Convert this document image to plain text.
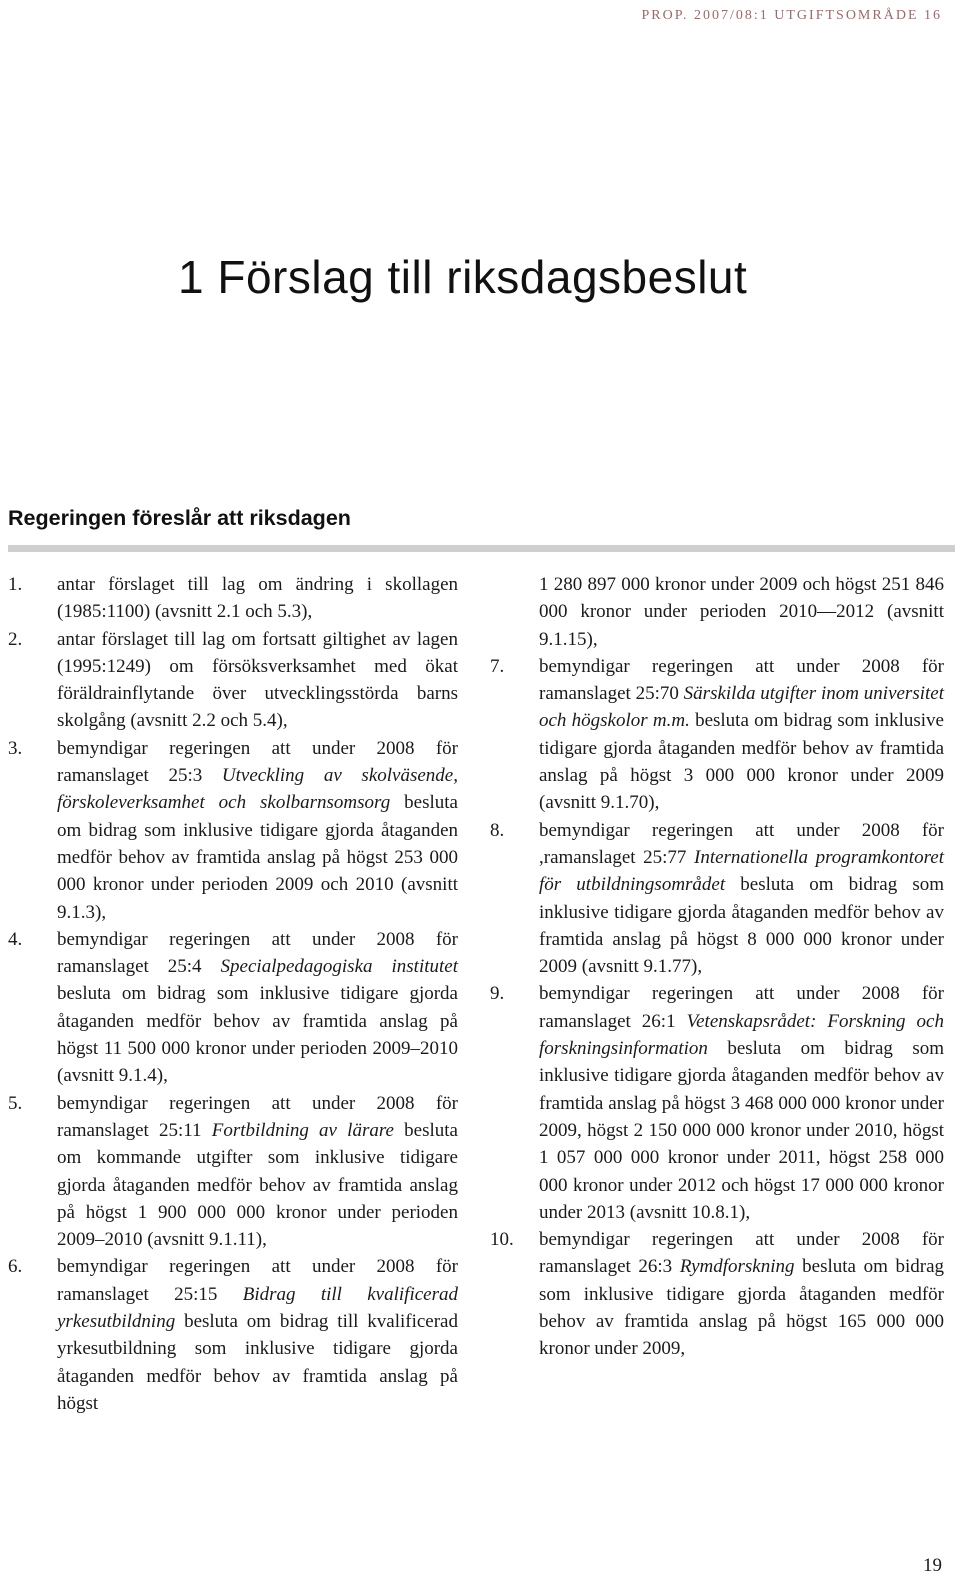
PROP. 2007/08:1 UTGIFTSOMRÅDE 16
1 Förslag till riksdagsbeslut
Regeringen föreslår att riksdagen
1. antar förslaget till lag om ändring i skollagen (1985:1100) (avsnitt 2.1 och 5.3),
2. antar förslaget till lag om fortsatt giltighet av lagen (1995:1249) om försöksverksamhet med ökat föräldrainflytande över utvecklingsstörda barns skolgång (avsnitt 2.2 och 5.4),
3. bemyndigar regeringen att under 2008 för ramanslaget 25:3 Utveckling av skolväsende, förskoleverksamhet och skolbarnsomsorg besluta om bidrag som inklusive tidigare gjorda åtaganden medför behov av framtida anslag på högst 253 000 000 kronor under perioden 2009 och 2010 (avsnitt 9.1.3),
4. bemyndigar regeringen att under 2008 för ramanslaget 25:4 Specialpedagogiska institutet besluta om bidrag som inklusive tidigare gjorda åtaganden medför behov av framtida anslag på högst 11 500 000 kronor under perioden 2009–2010 (avsnitt 9.1.4),
5. bemyndigar regeringen att under 2008 för ramanslaget 25:11 Fortbildning av lärare besluta om kommande utgifter som inklusive tidigare gjorda åtaganden medför behov av framtida anslag på högst 1 900 000 000 kronor under perioden 2009–2010 (avsnitt 9.1.11),
6. bemyndigar regeringen att under 2008 för ramanslaget 25:15 Bidrag till kvalificerad yrkesutbildning besluta om bidrag till kvalificerad yrkesutbildning som inklusive tidigare gjorda åtaganden medför behov av framtida anslag på högst
1 280 897 000 kronor under 2009 och högst 251 846 000 kronor under perioden 2010—2012 (avsnitt 9.1.15),
7. bemyndigar regeringen att under 2008 för ramanslaget 25:70 Särskilda utgifter inom universitet och högskolor m.m. besluta om bidrag som inklusive tidigare gjorda åtaganden medför behov av framtida anslag på högst 3 000 000 kronor under 2009 (avsnitt 9.1.70),
8. bemyndigar regeringen att under 2008 för ,ramanslaget 25:77 Internationella programkontoret för utbildningsområdet besluta om bidrag som inklusive tidigare gjorda åtaganden medför behov av framtida anslag på högst 8 000 000 kronor under 2009 (avsnitt 9.1.77),
9. bemyndigar regeringen att under 2008 för ramanslaget 26:1 Vetenskapsrådet: Forskning och forskningsinformation besluta om bidrag som inklusive tidigare gjorda åtaganden medför behov av framtida anslag på högst 3 468 000 000 kronor under 2009, högst 2 150 000 000 kronor under 2010, högst 1 057 000 000 kronor under 2011, högst 258 000 000 kronor under 2012 och högst 17 000 000 kronor under 2013 (avsnitt 10.8.1),
10. bemyndigar regeringen att under 2008 för ramanslaget 26:3 Rymdforskning besluta om bidrag som inklusive tidigare gjorda åtaganden medför behov av framtida anslag på högst 165 000 000 kronor under 2009,
19
